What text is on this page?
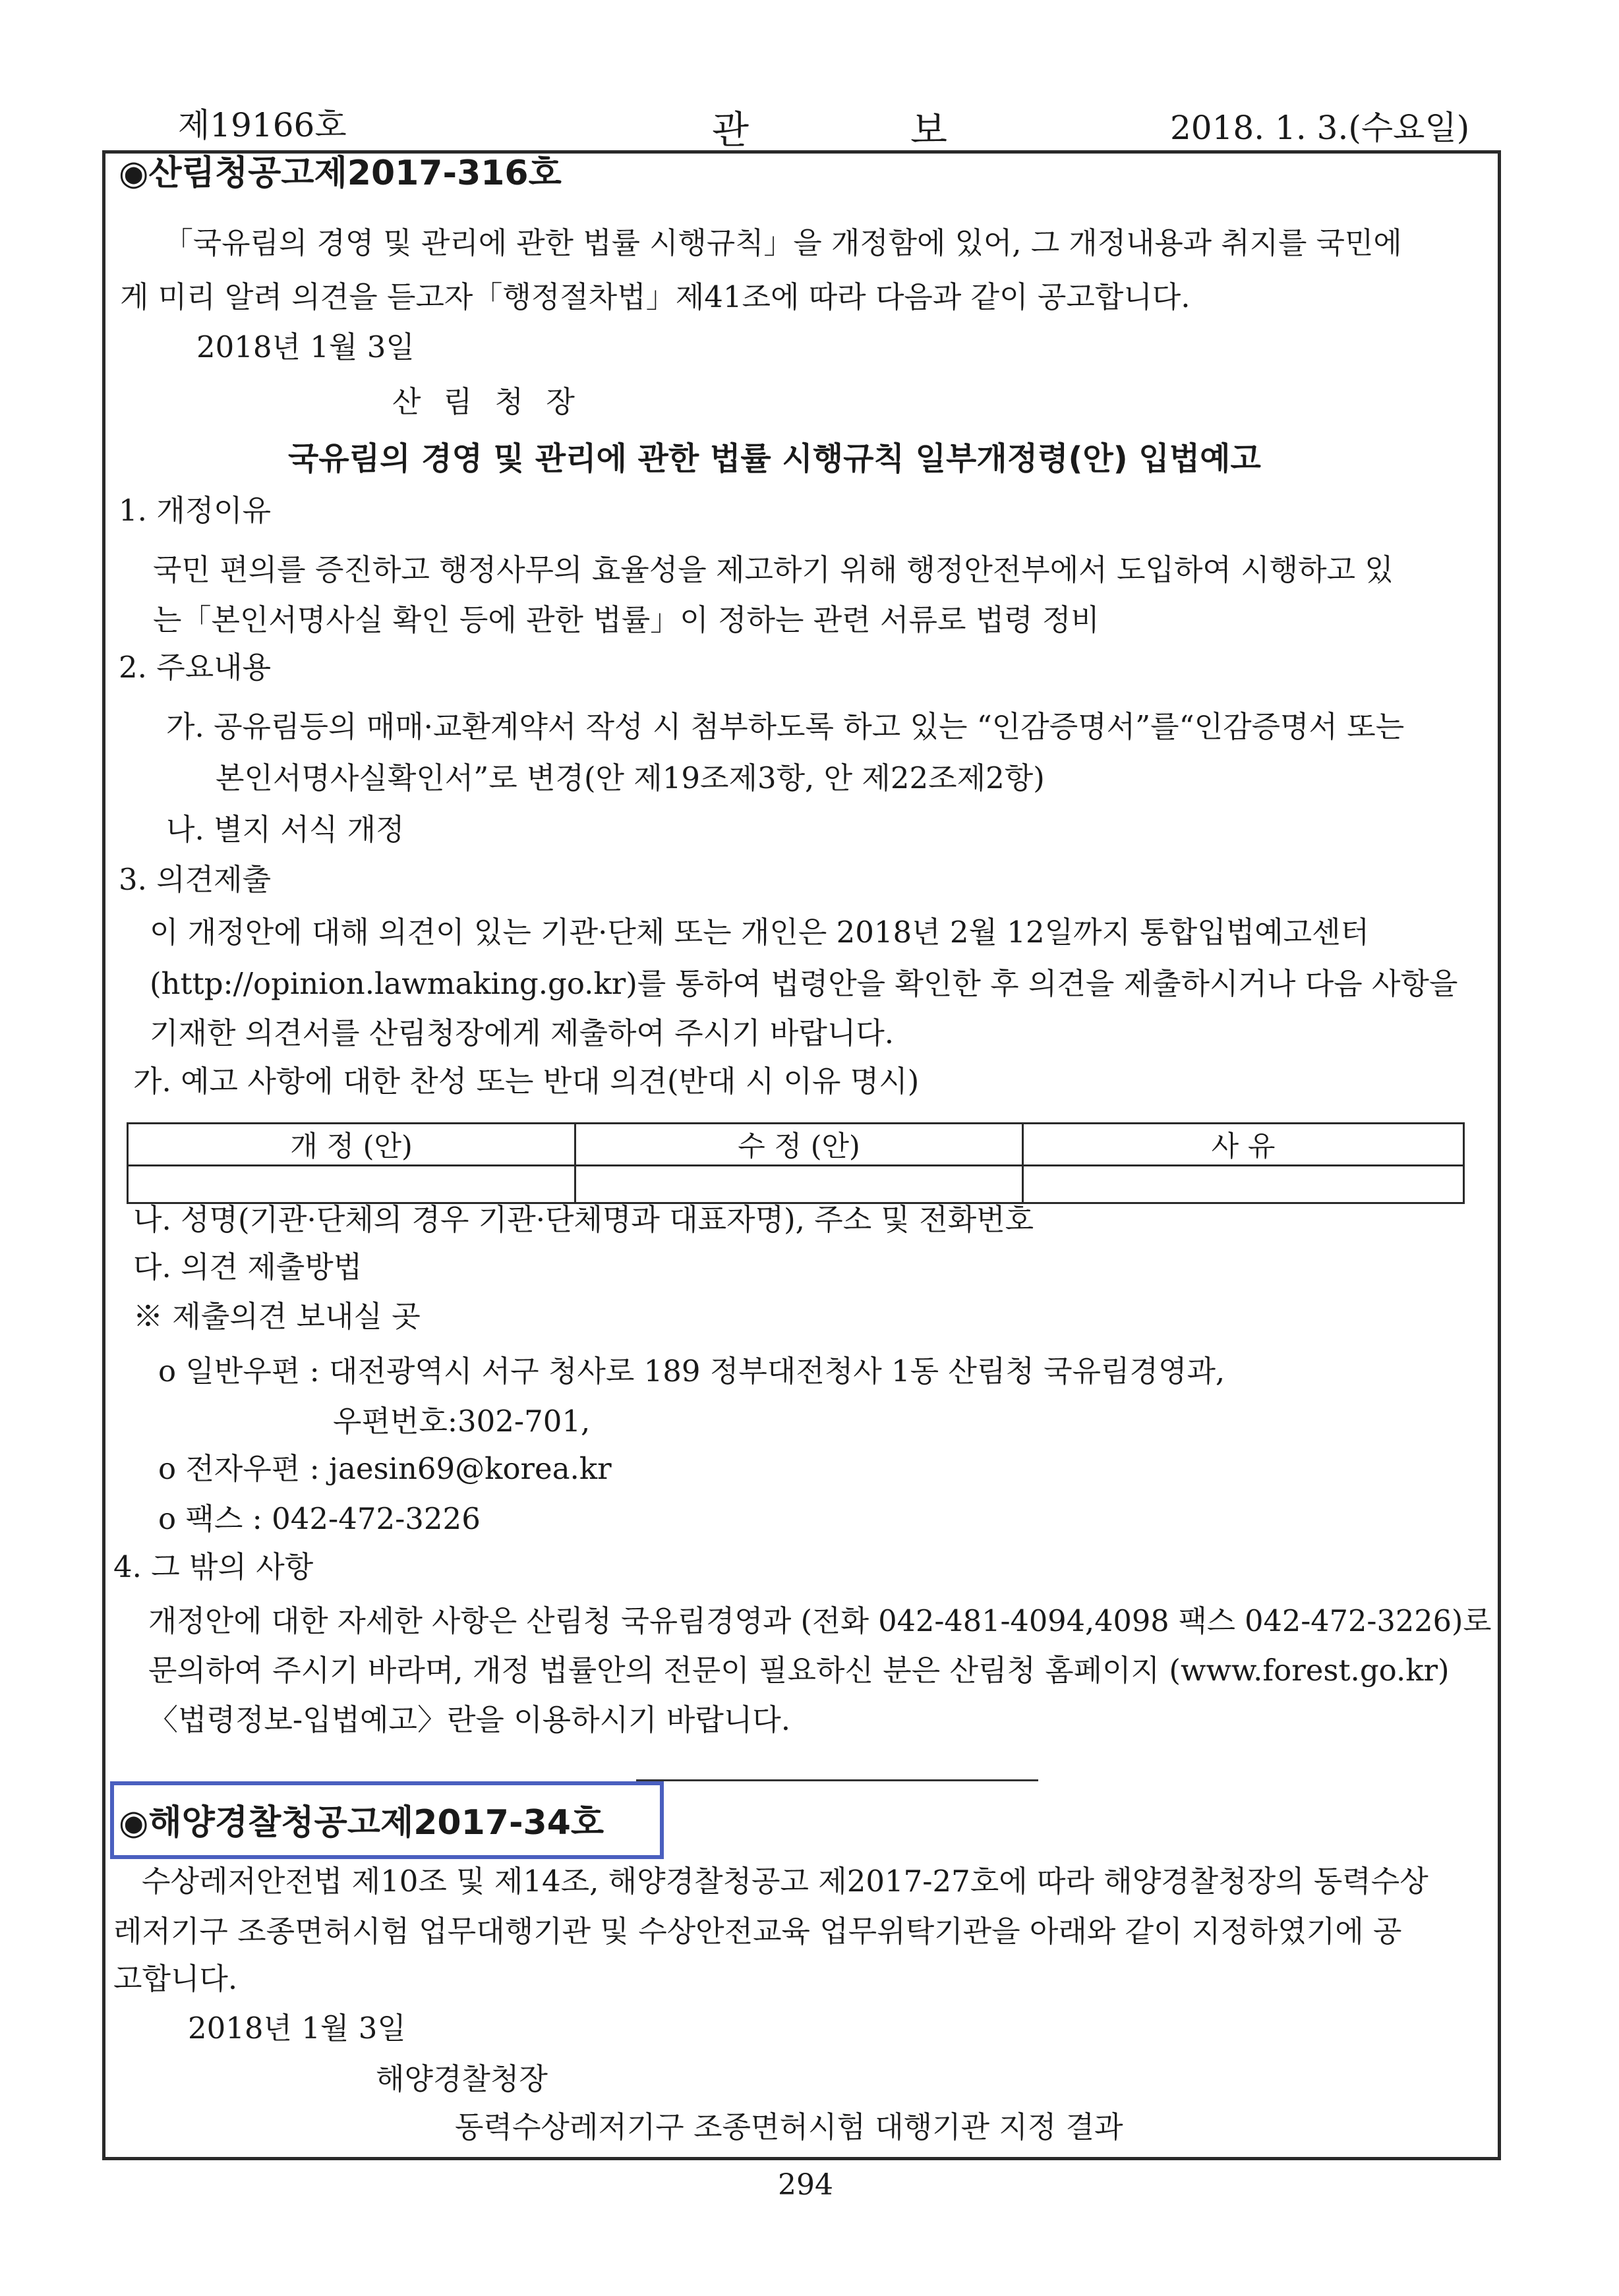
제19166호	관	보	2018. 1. 3.(수요일)
◉산림청공고제2017-316호
「국유림의 경영 및 관리에 관한 법률 시행규칙」을 개정함에 있어, 그 개정내용과 취지를 국민에
게 미리 알려 의견을 듣고자「행정절차법」제41조에 따라 다음과 같이 공고합니다.
2018년 1월 3일
산 림 청 장
국유림의 경영 및 관리에 관한 법률 시행규칙 일부개정령(안) 입법예고
1. 개정이유
국민 편의를 증진하고 행정사무의 효율성을 제고하기 위해 행정안전부에서 도입하여 시행하고 있
는「본인서명사실 확인 등에 관한 법률」이 정하는 관련 서류로 법령 정비
2. 주요내용
가. 공유림등의 매매·교환계약서 작성 시 첨부하도록 하고 있는 “인감증명서”를“인감증명서 또는
본인서명사실확인서”로 변경(안 제19조제3항, 안 제22조제2항)
나. 별지 서식 개정
3. 의견제출
이 개정안에 대해 의견이 있는 기관·단체 또는 개인은 2018년 2월 12일까지 통합입법예고센터
(http://opinion.lawmaking.go.kr)를 통하여 법령안을 확인한 후 의견을 제출하시거나 다음 사항을
기재한 의견서를 산림청장에게 제출하여 주시기 바랍니다.
가. 예고 사항에 대한 찬성 또는 반대 의견(반대 시 이유 명시)
개 정 (안)	수 정 (안)	사 유

나. 성명(기관·단체의 경우 기관·단체명과 대표자명), 주소 및 전화번호
다. 의견 제출방법
※ 제출의견 보내실 곳
o 일반우편 : 대전광역시 서구 청사로 189 정부대전청사 1동 산림청 국유림경영과,
우편번호:302-701,
o 전자우편 : jaesin69@korea.kr
o 팩스 : 042-472-3226
4. 그 밖의 사항
개정안에 대한 자세한 사항은 산림청 국유림경영과 (전화 042-481-4094,4098 팩스 042-472-3226)로
문의하여 주시기 바라며, 개정 법률안의 전문이 필요하신 분은 산림청 홈페이지 (www.forest.go.kr)
〈법령정보-입법예고〉란을 이용하시기 바랍니다.
◉해양경찰청공고제2017-34호
수상레저안전법 제10조 및 제14조, 해양경찰청공고 제2017-27호에 따라 해양경찰청장의 동력수상
레저기구 조종면허시험 업무대행기관 및 수상안전교육 업무위탁기관을 아래와 같이 지정하였기에 공
고합니다.
2018년 1월 3일
해양경찰청장
동력수상레저기구 조종면허시험 대행기관 지정 결과
294
